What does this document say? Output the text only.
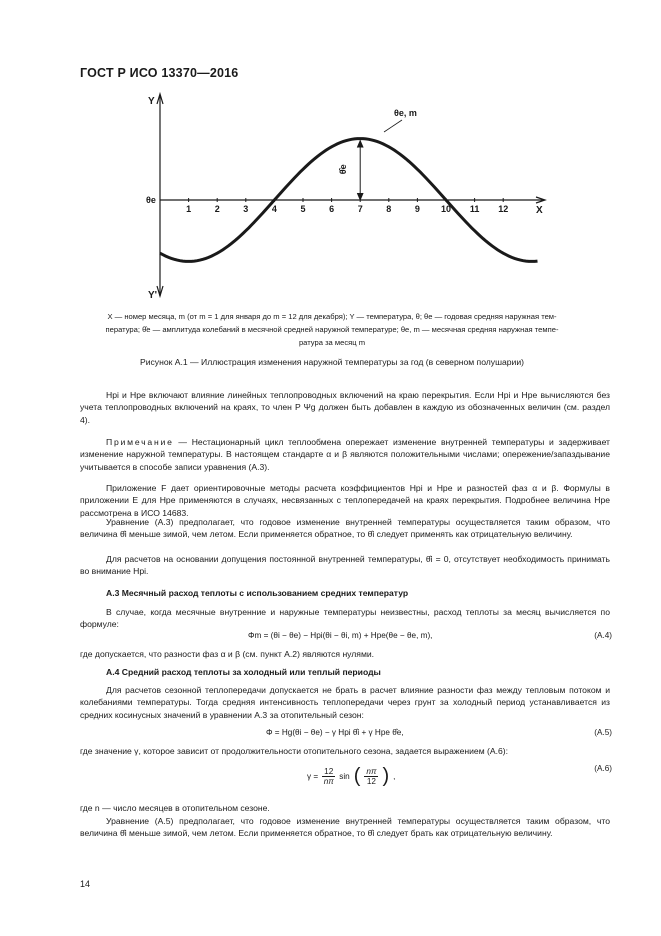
ГОСТ Р ИСО 13370—2016
1	2	3	4	5	6	7	8	9 10 11 12	X
Y
Y'
θe
θ̂e
θe, m
X — номер месяца, m (от m = 1 для января до m = 12 для декабря); Y — температура, θ; θe — годовая средняя наружная тем-
пература; θ̂e — амплитуда колебаний в месячной средней наружной температуре; θe, m — месячная средняя наружная темпе-
ратура за месяц m
Рисунок А.1 — Иллюстрация изменения наружной температуры за год (в северном полушарии)
Hpi и Hpe включают влияние линейных теплопроводных включений на краю перекрытия. Если Hpi и Hpe вычисляются без учета теплопроводных включений на краях, то член P Ψg должен быть добавлен в каждую из обозначенных величин (см. раздел 4).
Примечание — Нестационарный цикл теплообмена опережает изменение внутренней температуры и задерживает изменение наружной температуры. В настоящем стандарте α и β являются положительными числами; опережение/запаздывание учитывается в способе записи уравнения (А.3).
Приложение F дает ориентировочные методы расчета коэффициентов Hpi и Hpe и разностей фаз α и β. Формулы в приложении Е для Hpe применяются в случаях, несвязанных с теплопередачей на краях перекрытия. Подробнее величина Hpe рассмотрена в ИСО 14683.
Уравнение (А.3) предполагает, что годовое изменение внутренней температуры осуществляется таким образом, что величина θ̂i меньше зимой, чем летом. Если применяется обратное, то θ̂i следует применять как отрицательную величину.
Для расчетов на основании допущения постоянной внутренней температуры, θ̂i = 0, отсутствует необходимость принимать во внимание Hpi.
А.3 Месячный расход теплоты с использованием средних температур
В случае, когда месячные внутренние и наружные температуры неизвестны, расход теплоты за месяц вычисляется по формуле:
Φm = (θi − θe) − Hpi(θi − θi, m) + Hpe(θe − θe, m),	(А.4)
где допускается, что разности фаз α и β (см. пункт А.2) являются нулями.
А.4 Средний расход теплоты за холодный или теплый периоды
Для расчетов сезонной теплопередачи допускается не брать в расчет влияние разности фаз между тепловым потоком и колебаниями температуры. Тогда средняя интенсивность теплопередачи через грунт за холодный период устанавливается из средних косинусных значений в уравнении А.3 за отопительный сезон:
Φ = Hg(θi − θe) − γ Hpi θ̂i + γ Hpe θ̂e,	(А.5)
где значение γ, которое зависит от продолжительности отопительного сезона, задается выражением (А.6):
$\gamma = \frac{12}{n\pi}$ sin ( $\frac{n\pi}{12}$ ) ,
(А.6)
где n — число месяцев в отопительном сезоне.
Уравнение (А.5) предполагает, что годовое изменение внутренней температуры осуществляется таким образом, что величина θ̂i меньше зимой, чем летом. Если применяется обратное, то θ̂i следует брать как отрицательную величину.
14
